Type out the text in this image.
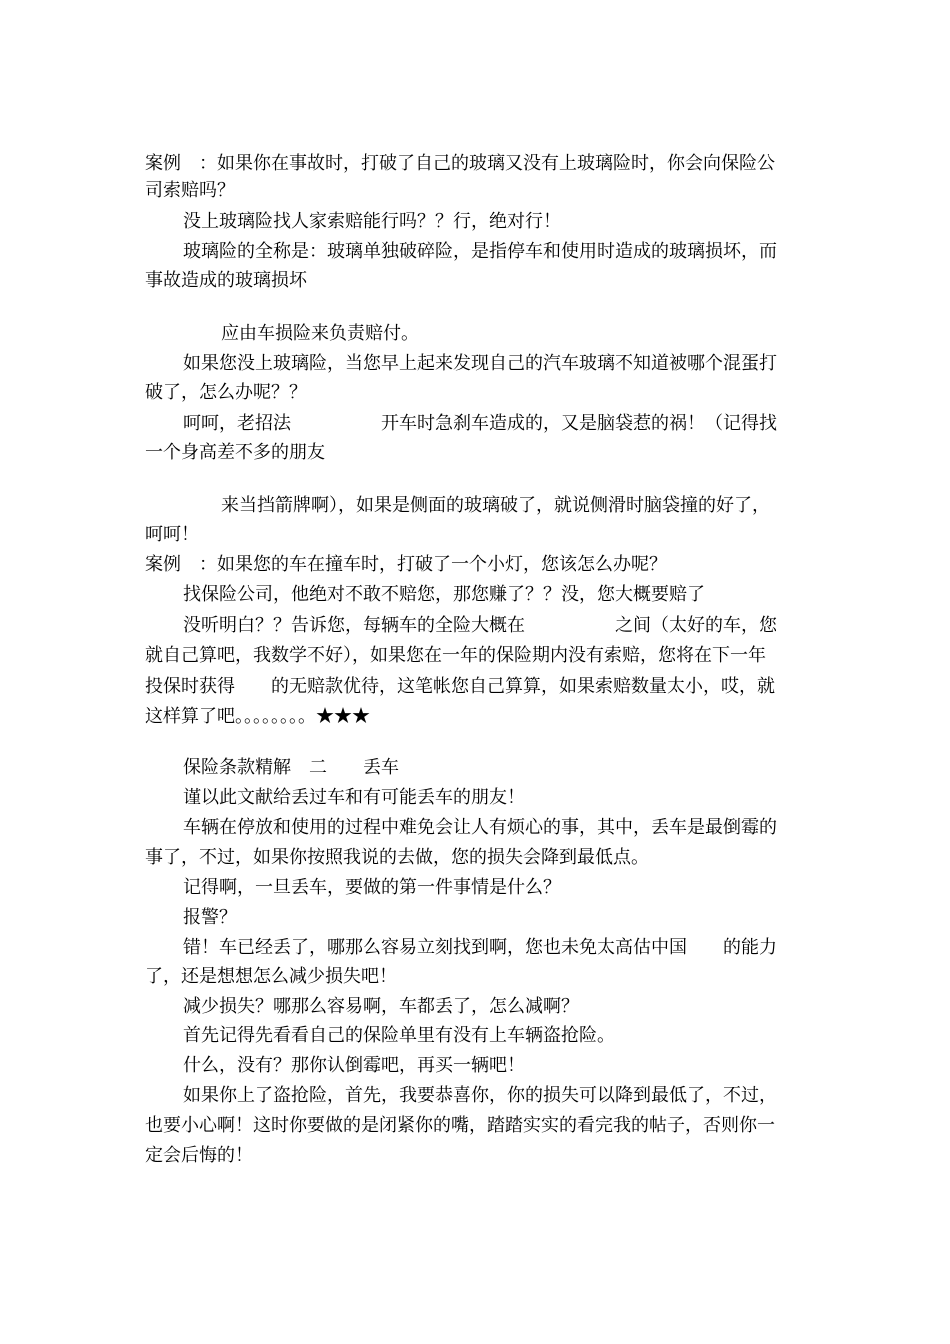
案例　：如果你在事故时，打破了自己的玻璃又没有上玻璃险时，你会向保险公
司索赔吗？
没上玻璃险找人家索赔能行吗？？行，绝对行！
玻璃险的全称是：玻璃单独破碎险，是指停车和使用时造成的玻璃损坏，而
事故造成的玻璃损坏
应由车损险来负责赔付。
如果您没上玻璃险，当您早上起来发现自己的汽车玻璃不知道被哪个混蛋打
破了，怎么办呢？？
呵呵，老招法　　　　　开车时急刹车造成的，又是脑袋惹的祸！（记得找
一个身高差不多的朋友
来当挡箭牌啊），如果是侧面的玻璃破了，就说侧滑时脑袋撞的好了，
呵呵！
案例　：如果您的车在撞车时，打破了一个小灯，您该怎么办呢？
找保险公司，他绝对不敢不赔您，那您赚了？？没，您大概要赔了
没听明白？？告诉您，每辆车的全险大概在　　　　　之间（太好的车，您
就自己算吧，我数学不好），如果您在一年的保险期内没有索赔，您将在下一年
投保时获得　　的无赔款优待，这笔帐您自己算算，如果索赔数量太小，哎，就
这样算了吧。。。。。。。。★★★
保险条款精解　二　　丢车
谨以此文献给丢过车和有可能丢车的朋友！
车辆在停放和使用的过程中难免会让人有烦心的事，其中，丢车是最倒霉的
事了，不过，如果你按照我说的去做，您的损失会降到最低点。
记得啊，一旦丢车，要做的第一件事情是什么？
报警？
错！车已经丢了，哪那么容易立刻找到啊，您也未免太高估中国　　的能力
了，还是想想怎么减少损失吧！
减少损失？哪那么容易啊，车都丢了，怎么减啊？
首先记得先看看自己的保险单里有没有上车辆盗抢险。
什么，没有？那你认倒霉吧，再买一辆吧！
如果你上了盗抢险，首先，我要恭喜你，你的损失可以降到最低了，不过，
也要小心啊！这时你要做的是闭紧你的嘴，踏踏实实的看完我的帖子，否则你一
定会后悔的！
